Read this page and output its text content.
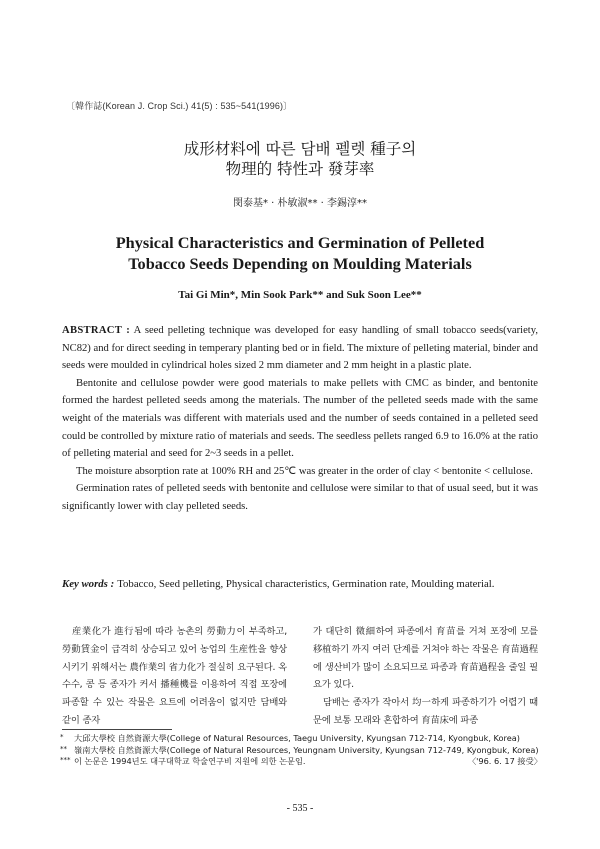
〔韓作誌(Korean J. Crop Sci.) 41(5) : 535~541(1996)〕
成形材料에 따른 담배 펠렛 種子의
物理的 特性과 發芽率
閔泰基* · 朴敏淑** · 李錫淳**
Physical Characteristics and Germination of Pelleted
Tobacco Seeds Depending on Moulding Materials
Tai Gi Min*, Min Sook Park** and Suk Soon Lee**

ABSTRACT : A seed pelleting technique was developed for easy handling of small tobacco seeds(variety, NC82) and for direct seeding in temperary planting bed or in field. The mixture of pelleting material, binder and seeds were moulded in cylindrical holes sized 2 mm diameter and 2 mm height in a plastic plate.

Bentonite and cellulose powder were good materials to make pellets with CMC as binder, and bentonite formed the hardest pelleted seeds among the materials. The number of the pelleted seeds made with the same weight of the materials was different with materials used and the number of seeds contained in a pelleted seed could be controlled by mixture ratio of materials and seeds. The seedless pellets ranged 6.9 to 16.0% at the ratio of pelleting material and seed for 2~3 seeds in a pellet.

The moisture absorption rate at 100% RH and 25℃ was greater in the order of clay < bentonite < cellulose.

Germination rates of pelleted seeds with bentonite and cellulose were similar to that of usual seed, but it was significantly lower with clay pelleted seeds.

Key words : Tobacco, Seed pelleting, Physical characteristics, Germination rate, Moulding material.

産業化가 進行됨에 따라 농촌의 勞動力이 부족하고, 勞動賃金이 급격히 상승되고 있어 농업의 生産性을 향상시키기 위해서는 農作業의 省力化가 절실히 요구된다. 옥수수, 콩 등 종자가 커서 播種機를 이용하여 직접 포장에 파종할 수 있는 작물은 요트에 어려움이 없지만 담배와 같이 종자

가 대단히 微細하여 파종에서 育苗를 거쳐 포장에 모를 移植하기 까지 여러 단계를 거쳐야 하는 작물은 育苗過程에 생산비가 많이 소요되므로 파종과 育苗過程을 줄일 필요가 있다.

담배는 종자가 작아서 均一하게 파종하기가 어렵기 때문에 보통 모래와 혼합하여 育苗床에 파종

*	大邱大學校 自然資源大學(College of Natural Resources, Taegu University, Kyungsan 712-714, Kyongbuk, Korea)
** 嶺南大學校 自然資源大學(College of Natural Resources, Yeungnam University, Kyungsan 712-749, Kyongbuk, Korea)
*** 이 논문은 1994년도 대구대학교 학술연구비 지원에 의한 논문임.	〈'96. 6. 17 接受〉
- 535 -
